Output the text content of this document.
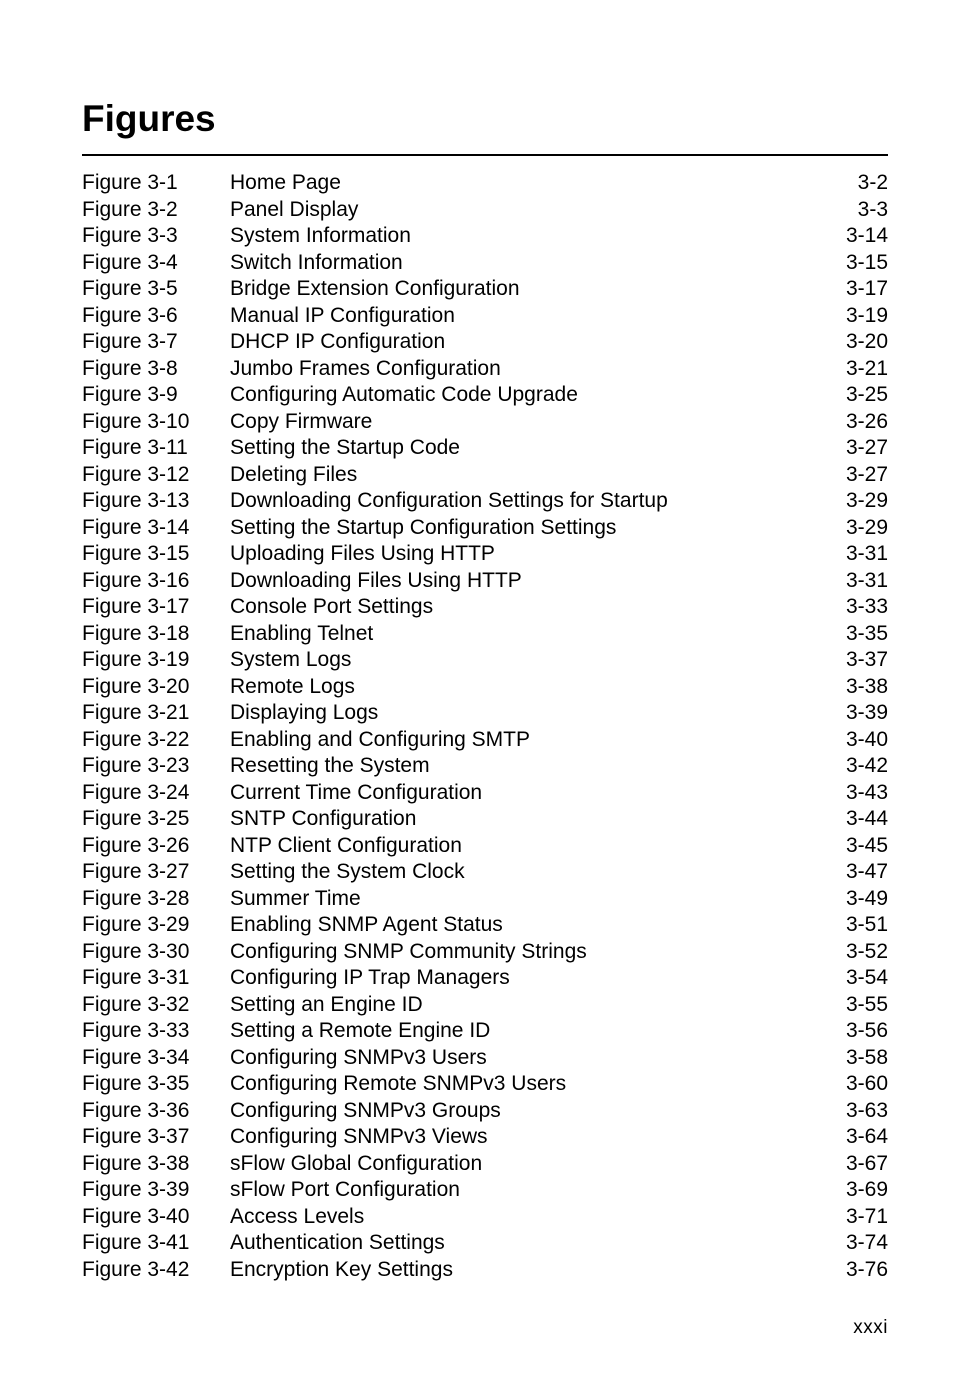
Figures
Figure 3-1 Home Page	3-2
Figure 3-2 Panel Display	3-3
Figure 3-3 System Information	3-14
Figure 3-4 Switch Information	3-15
Figure 3-5 Bridge Extension Configuration	3-17
Figure 3-6 Manual IP Configuration	3-19
Figure 3-7 DHCP IP Configuration	3-20
Figure 3-8 Jumbo Frames Configuration	3-21
Figure 3-9 Configuring Automatic Code Upgrade	3-25
Figure 3-10 Copy Firmware	3-26
Figure 3-11 Setting the Startup Code	3-27
Figure 3-12 Deleting Files	3-27
Figure 3-13 Downloading Configuration Settings for Startup	3-29
Figure 3-14 Setting the Startup Configuration Settings	3-29
Figure 3-15 Uploading Files Using HTTP	3-31
Figure 3-16 Downloading Files Using HTTP	3-31
Figure 3-17 Console Port Settings	3-33
Figure 3-18 Enabling Telnet	3-35
Figure 3-19 System Logs	3-37
Figure 3-20 Remote Logs	3-38
Figure 3-21 Displaying Logs	3-39
Figure 3-22 Enabling and Configuring SMTP	3-40
Figure 3-23 Resetting the System	3-42
Figure 3-24 Current Time Configuration	3-43
Figure 3-25 SNTP Configuration	3-44
Figure 3-26 NTP Client Configuration	3-45
Figure 3-27 Setting the System Clock	3-47
Figure 3-28 Summer Time	3-49
Figure 3-29 Enabling SNMP Agent Status	3-51
Figure 3-30 Configuring SNMP Community Strings	3-52
Figure 3-31 Configuring IP Trap Managers	3-54
Figure 3-32 Setting an Engine ID	3-55
Figure 3-33 Setting a Remote Engine ID	3-56
Figure 3-34 Configuring SNMPv3 Users	3-58
Figure 3-35 Configuring Remote SNMPv3 Users	3-60
Figure 3-36 Configuring SNMPv3 Groups	3-63
Figure 3-37 Configuring SNMPv3 Views	3-64
Figure 3-38 sFlow Global Configuration	3-67
Figure 3-39 sFlow Port Configuration	3-69
Figure 3-40 Access Levels	3-71
Figure 3-41 Authentication Settings	3-74
Figure 3-42 Encryption Key Settings	3-76
xxxi
